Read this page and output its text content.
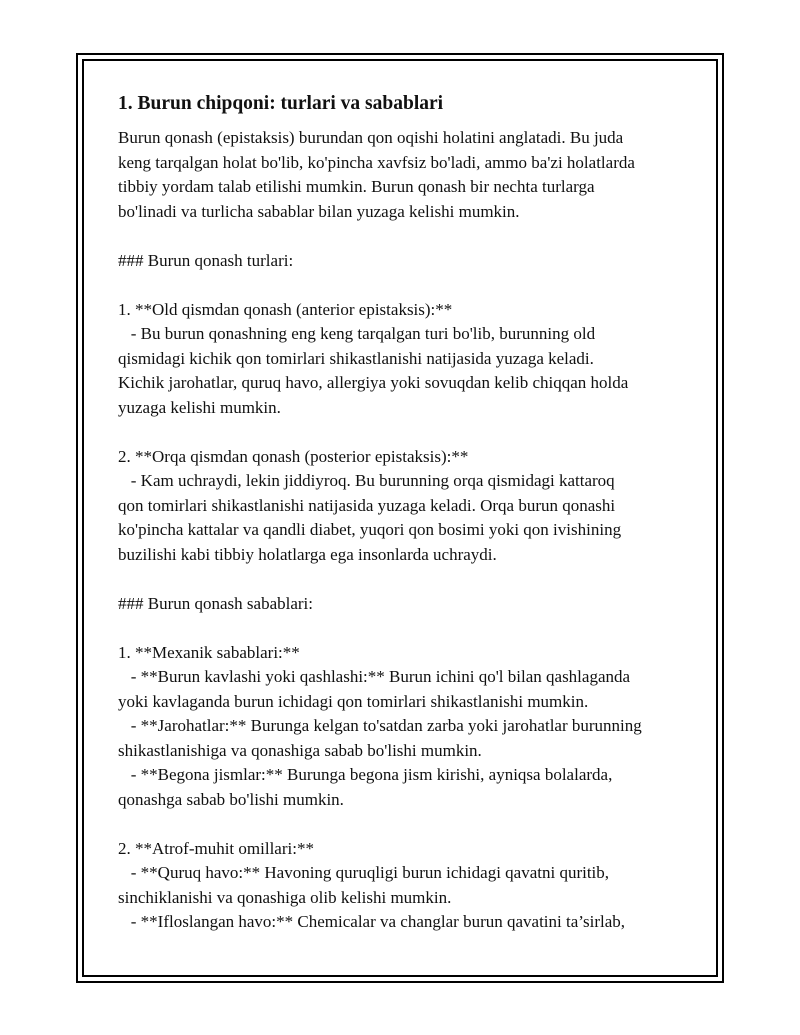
1. Burun chipqoni: turlari va sabablari
Burun qonash (epistaksis) burundan qon oqishi holatini anglatadi. Bu juda
keng tarqalgan holat bo'lib, ko'pincha xavfsiz bo'ladi, ammo ba'zi holatlarda
tibbiy yordam talab etilishi mumkin. Burun qonash bir nechta turlarga
bo'linadi va turlicha sabablar bilan yuzaga kelishi mumkin.

### Burun qonash turlari:

1. **Old qismdan qonash (anterior epistaksis):**
- Bu burun qonashning eng keng tarqalgan turi bo'lib, burunning old
qismidagi kichik qon tomirlari shikastlanishi natijasida yuzaga keladi.
Kichik jarohatlar, quruq havo, allergiya yoki sovuqdan kelib chiqqan holda
yuzaga kelishi mumkin.

2. **Orqa qismdan qonash (posterior epistaksis):**
- Kam uchraydi, lekin jiddiyroq. Bu burunning orqa qismidagi kattaroq
qon tomirlari shikastlanishi natijasida yuzaga keladi. Orqa burun qonashi
ko'pincha kattalar va qandli diabet, yuqori qon bosimi yoki qon ivishining
buzilishi kabi tibbiy holatlarga ega insonlarda uchraydi.

### Burun qonash sabablari:

1. **Mexanik sabablari:**
- **Burun kavlashi yoki qashlashi:** Burun ichini qo'l bilan qashlaganda
yoki kavlaganda burun ichidagi qon tomirlari shikastlanishi mumkin.
- **Jarohatlar:** Burunga kelgan to'satdan zarba yoki jarohatlar burunning
shikastlanishiga va qonashiga sabab bo'lishi mumkin.
- **Begona jismlar:** Burunga begona jism kirishi, ayniqsa bolalarda,
qonashga sabab bo'lishi mumkin.

2. **Atrof-muhit omillari:**
- **Quruq havo:** Havoning quruqligi burun ichidagi qavatni quritib,
sinchiklanishi va qonashiga olib kelishi mumkin.
- **Ifloslangan havo:** Chemicalar va changlar burun qavatini ta’sirlab,
